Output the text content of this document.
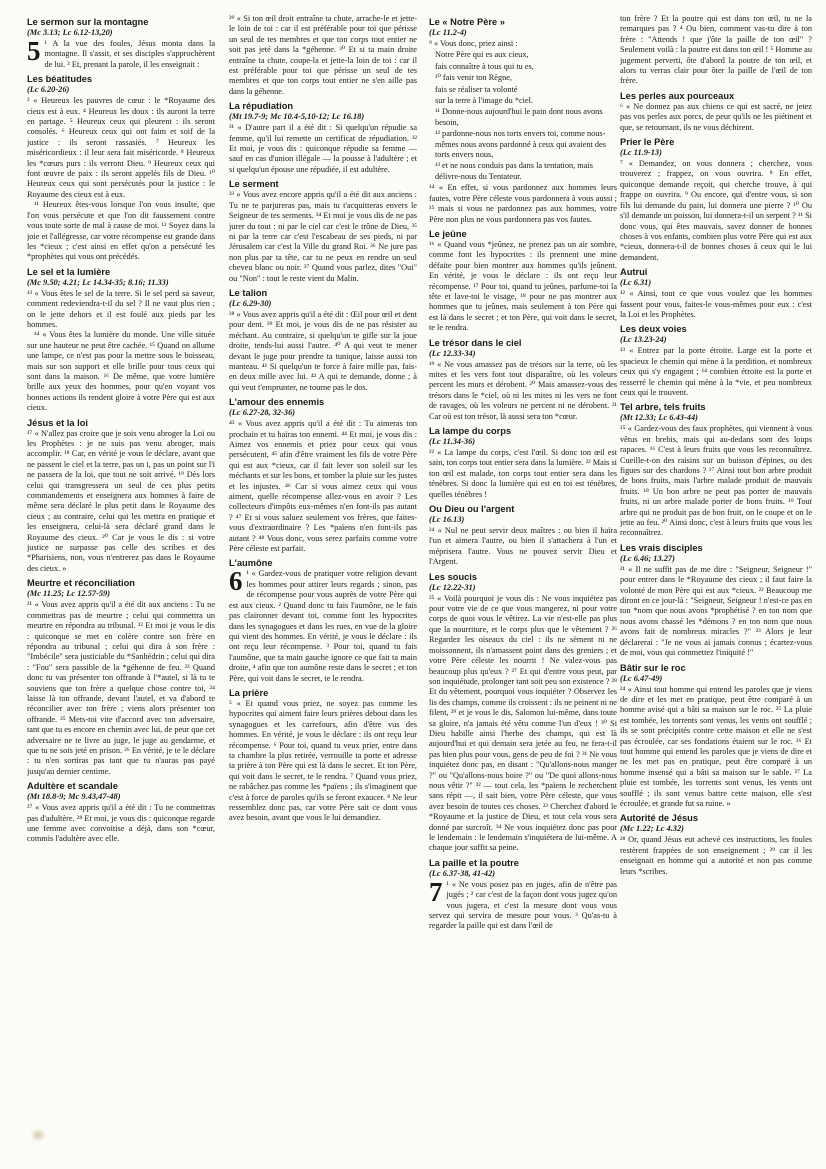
Le sermon sur la montagne
(Mc 3.13; Lc 6.12-13,20)

5 ¹ A la vue des foules, Jésus monta dans la montagne. Il s'assit, et ses disciples s'approchèrent de lui. ² Et, prenant la parole, il les enseignait :

Les béatitudes
(Lc 6.20-26)

³ « Heureux les pauvres de cœur : le *Royaume des cieux est à eux. ⁴ Heureux les doux : ils auront la terre en partage. ⁵ Heureux ceux qui pleurent : ils seront consolés. ⁶ Heureux ceux qui ont faim et soif de la justice : ils seront rassasiés. ⁷ Heureux les miséricordieux : il leur sera fait miséricorde. ⁸ Heureux les *cœurs purs : ils verront Dieu. ⁹ Heureux ceux qui font œuvre de paix : ils seront appelés fils de Dieu. ¹⁰ Heureux ceux qui sont persécutés pour la justice : le Royaume des cieux est à eux.

¹¹ Heureux êtes-vous lorsque l'on vous insulte, que l'on vous persécute et que l'on dit faussement contre vous toute sorte de mal à cause de moi. ¹² Soyez dans la joie et l'allégresse, car votre récompense est grande dans les *cieux ; c'est ainsi en effet qu'on a persécuté les *prophètes qui vous ont précédés.

Le sel et la lumière
(Mc 9.50; 4.21; Lc 14.34-35; 8.16; 11.33)

¹³ « Vous êtes le sel de la terre. Si le sel perd sa saveur, comment redeviendra-t-il du sel ? Il ne vaut plus rien ; on le jette dehors et il est foulé aux pieds par les hommes.

¹⁴ « Vous êtes la lumière du monde. Une ville située sur une hauteur ne peut être cachée. ¹⁵ Quand on allume une lampe, ce n'est pas pour la mettre sous le boisseau, mais sur son support et elle brille pour tous ceux qui sont dans la maison. ¹⁶ De même, que votre lumière brille aux yeux des hommes, pour qu'en voyant vos bonnes actions ils rendent gloire à votre Père qui est aux cieux.

Jésus et la loi

¹⁷ « N'allez pas croire que je sois venu abroger la Loi ou les Prophètes : je ne suis pas venu abroger, mais accomplir. ¹⁸ Car, en vérité je vous le déclare, avant que ne passent le ciel et la terre, pas un i, pas un point sur l'i ne passera de la loi, que tout ne soit arrivé. ¹⁹ Dès lors celui qui transgressera un seul de ces plus petits commandements et enseignera aux hommes à faire de même sera déclaré le plus petit dans le Royaume des cieux ; au contraire, celui qui les mettra en pratique et les enseignera, celui-là sera déclaré grand dans le Royaume des cieux. ²⁰ Car je vous le dis : si votre justice ne surpasse pas celle des scribes et des *Pharisiens, non, vous n'entrerez pas dans le Royaume des cieux. »

Meurtre et réconciliation
(Mc 11.25; Lc 12.57-59)

²¹ « Vous avez appris qu'il a été dit aux anciens : Tu ne commettras pas de meurtre ; celui qui commettra un meurtre en répondra au tribunal. ²² Et moi je vous le dis : quiconque se met en colère contre son frère en répondra au tribunal ; celui qui dira à son frère : "Imbécile" sera justiciable du *Sanhédrin ; celui qui dira : "Fou" sera passible de la *géhenne de feu. ²³ Quand donc tu vas présenter ton offrande à l'*autel, si là tu te souviens que ton frère a quelque chose contre toi, ²⁴ laisse là ton offrande, devant l'autel, et va d'abord te réconcilier avec ton frère ; viens alors présenter ton offrande. ²⁵ Mets-toi vite d'accord avec ton adversaire, tant que tu es encore en chemin avec lui, de peur que cet adversaire ne te livre au juge, le juge au gendarme, et que tu ne sois jeté en prison. ²⁶ En vérité, je te le déclare : tu n'en sortiras pas tant que tu n'auras pas payé jusqu'au dernier centime.

Adultère et scandale
(Mt 18.8-9; Mc 9.43,47-48)

²⁷ « Vous avez appris qu'il a été dit : Tu ne commettras pas d'adultère. ²⁸ Et moi, je vous dis : quiconque regarde une femme avec convoitise a déjà, dans son *cœur, commis l'adultère avec elle.

²⁹ « Si ton œil droit entraîne ta chute, arrache-le et jette-le loin de toi : car il est préférable pour toi que périsse un seul de tes membres et que ton corps tout entier ne soit pas jeté dans la *géhenne. ³⁰ Et si ta main droite entraîne ta chute, coupe-la et jette-la loin de toi : car il est préférable pour toi que périsse un seul de tes membres et que ton corps tout entier ne s'en aille pas dans la géhenne.

La répudiation
(Mt 19.7-9; Mc 10.4-5,10-12; Lc 16.18)

³¹ « D'autre part il a été dit : Si quelqu'un répudie sa femme, qu'il lui remette un certificat de répudiation. ³² Et moi, je vous dis : quiconque répudie sa femme — sauf en cas d'union illégale — la pousse à l'adultère ; et si quelqu'un épouse une répudiée, il est adultère.

Le serment

³³ « Vous avez encore appris qu'il a été dit aux anciens : Tu ne te parjureras pas, mais tu t'acquitteras envers le Seigneur de tes serments. ³⁴ Et moi je vous dis de ne pas jurer du tout : ni par le ciel car c'est le trône de Dieu, ³⁵ ni par la terre car c'est l'escabeau de ses pieds, ni par Jérusalem car c'est la Ville du grand Roi. ³⁶ Ne jure pas non plus par ta tête, car tu ne peux en rendre un seul cheveu blanc ou noir. ³⁷ Quand vous parlez, dites "Oui" ou "Non" : tout le reste vient du Malin.

Le talion
(Lc 6.29-30)

³⁸ « Vous avez appris qu'il a été dit : Œil pour œil et dent pour dent. ³⁹ Et moi, je vous dis de ne pas résister au méchant. Au contraire, si quelqu'un te gifle sur la joue droite, tends-lui aussi l'autre. ⁴⁰ A qui veut te mener devant le juge pour prendre ta tunique, laisse aussi ton manteau. ⁴¹ Si quelqu'un te force à faire mille pas, fais-en deux mille avec lui. ⁴² A qui te demande, donne ; à qui veut t'emprunter, ne tourne pas le dos.

L'amour des ennemis
(Lc 6.27-28, 32-36)

⁴³ « Vous avez appris qu'il a été dit : Tu aimeras ton prochain et tu haïras ton ennemi. ⁴⁴ Et moi, je vous dis : Aimez vos ennemis et priez pour ceux qui vous persécutent, ⁴⁵ afin d'être vraiment les fils de votre Père qui est aux *cieux, car il fait lever son soleil sur les méchants et sur les bons, et tomber la pluie sur les justes et les injustes. ⁴⁶ Car si vous aimez ceux qui vous aiment, quelle récompense allez-vous en avoir ? Les collecteurs d'impôts eux-mêmes n'en font-ils pas autant ? ⁴⁷ Et si vous saluez seulement vos frères, que faites-vous d'extraordinaire ? Les *païens n'en font-ils pas autant ? ⁴⁸ Vous donc, vous serez parfaits comme votre Père céleste est parfait.

L'aumône

6 ¹ « Gardez-vous de pratiquer votre religion devant les hommes pour attirer leurs regards ; sinon, pas de récompense pour vous auprès de votre Père qui est aux cieux. ² Quand donc tu fais l'aumône, ne le fais pas claironner devant toi, comme font les hypocrites dans les synagogues et dans les rues, en vue de la gloire qui vient des hommes. En vérité, je vous le déclare : ils ont reçu leur récompense. ³ Pour toi, quand tu fais l'aumône, que ta main gauche ignore ce que fait ta main droite, ⁴ afin que ton aumône reste dans le secret ; et ton Père, qui voit dans le secret, te le rendra.

La prière

⁵ « Et quand vous priez, ne soyez pas comme les hypocrites qui aiment faire leurs prières debout dans les synagogues et les carrefours, afin d'être vus des hommes. En vérité, je vous le déclare : ils ont reçu leur récompense. ⁶ Pour toi, quand tu veux prier, entre dans ta chambre la plus retirée, verrouille ta porte et adresse ta prière à ton Père qui est là dans le secret. Et ton Père, qui voit dans le secret, te le rendra. ⁷ Quand vous priez, ne rabâchez pas comme les *païens ; ils s'imaginent que c'est à force de paroles qu'ils se feront exaucer. ⁸ Ne leur ressemblez donc pas, car votre Père sait ce dont vous avez besoin, avant que vous le lui demandiez.

Le « Notre Père »
(Lc 11.2-4)

⁹ « Vous donc, priez ainsi :

Notre Père qui es aux cieux,
fais connaître à tous qui tu es,
¹⁰ fais venir ton Règne,
fais se réaliser ta volonté
sur la terre à l'image du *ciel.
¹¹ Donne-nous aujourd'hui le pain dont nous avons besoin,
¹² pardonne-nous nos torts envers toi, comme nous-mêmes nous avons pardonné à ceux qui avaient des torts envers nous,
¹³ et ne nous conduis pas dans la tentation, mais délivre-nous du Tentateur.

¹⁴ « En effet, si vous pardonnez aux hommes leurs fautes, votre Père céleste vous pardonnera à vous aussi ; ¹⁵ mais si vous ne pardonnez pas aux hommes, votre Père non plus ne vous pardonnera pas vos fautes.

Le jeûne

¹⁶ « Quand vous *jeûnez, ne prenez pas un air sombre, comme font les hypocrites : ils prennent une mine défaite pour bien montrer aux hommes qu'ils jeûnent. En vérité, je vous le déclare : ils ont reçu leur récompense. ¹⁷ Pour toi, quand tu jeûnes, parfume-toi la tête et lave-toi le visage, ¹⁸ pour ne pas montrer aux hommes que tu jeûnes, mais seulement à ton Père qui est là dans le secret ; et ton Père, qui voit dans le secret, te le rendra.

Le trésor dans le ciel
(Lc 12.33-34)

¹⁹ « Ne vous amassez pas de trésors sur la terre, où les mites et les vers font tout disparaître, où les voleurs percent les murs et dérobent. ²⁰ Mais amassez-vous des trésors dans le *ciel, où ni les mites ni les vers ne font de ravages, où les voleurs ne percent ni ne dérobent. ²¹ Car où est ton trésor, là aussi sera ton *cœur.

La lampe du corps
(Lc 11.34-36)

²² « La lampe du corps, c'est l'œil. Si donc ton œil est sain, ton corps tout entier sera dans la lumière. ²³ Mais si ton œil est malade, ton corps tout entier sera dans les ténèbres. Si donc la lumière qui est en toi est ténèbres, quelles ténèbres !

Ou Dieu ou l'argent
(Lc 16.13)

²⁴ « Nul ne peut servir deux maîtres : ou bien il haïra l'un et aimera l'autre, ou bien il s'attachera à l'un et méprisera l'autre. Vous ne pouvez servir Dieu et l'Argent.

Les soucis
(Lc 12.22-31)

²⁵ « Voilà pourquoi je vous dis : Ne vous inquiétez pas pour votre vie de ce que vous mangerez, ni pour votre corps de quoi vous le vêtirez. La vie n'est-elle pas plus que la nourriture, et le corps plus que le vêtement ? ²⁶ Regardez les oiseaux du ciel : ils ne sèment ni ne moissonnent, ils n'amassent point dans des greniers ; et votre Père céleste les nourrit ! Ne valez-vous pas beaucoup plus qu'eux ? ²⁷ Et qui d'entre vous peut, par son inquiétude, prolonger tant soit peu son existence ? ²⁸ Et du vêtement, pourquoi vous inquiéter ? Observez les lis des champs, comme ils croissent : ils ne peinent ni ne filent, ²⁹ et je vous le dis, Salomon lui-même, dans toute sa gloire, n'a jamais été vêtu comme l'un d'eux ! ³⁰ Si Dieu habille ainsi l'herbe des champs, qui est là aujourd'hui et qui demain sera jetée au feu, ne fera-t-il pas bien plus pour vous, gens de peu de foi ? ³¹ Ne vous inquiétez donc pas, en disant : "Qu'allons-nous manger ?" ou "Qu'allons-nous boire ?" ou "De quoi allons-nous nous vêtir ?" ³² — tout cela, les *païens le recherchent sans répit —, il sait bien, votre Père céleste, que vous avez besoin de toutes ces choses. ³³ Cherchez d'abord le *Royaume et la justice de Dieu, et tout cela vous sera donné par surcroît. ³⁴ Ne vous inquiétez donc pas pour le lendemain : le lendemain s'inquiétera de lui-même. A chaque jour suffit sa peine.

La paille et la poutre
(Lc 6.37-38, 41-42)

7 ¹ « Ne vous posez pas en juges, afin de n'être pas jugés ; ² car c'est de la façon dont vous jugez qu'on vous jugera, et c'est la mesure dont vous vous servez qui servira de mesure pour vous. ³ Qu'as-tu à regarder la paille qui est dans l'œil de

ton frère ? Et la poutre qui est dans ton œil, tu ne la remarques pas ? ⁴ Ou bien, comment vas-tu dire à ton frère : "Attends ! que j'ôte la paille de ton œil" ? Seulement voilà : la poutre est dans ton œil ! ⁵ Homme au jugement perverti, ôte d'abord la poutre de ton œil, et alors tu verras clair pour ôter la paille de l'œil de ton frère.

Les perles aux pourceaux

⁶ « Ne donnez pas aux chiens ce qui est sacré, ne jetez pas vos perles aux porcs, de peur qu'ils ne les piétinent et que, se retournant, ils ne vous déchirent.

Prier le Père
(Lc 11.9-13)

⁷ « Demandez, on vous donnera ; cherchez, vous trouverez ; frappez, on vous ouvrira. ⁸ En effet, quiconque demande reçoit, qui cherche trouve, à qui frappe on ouvrira. ⁹ Ou encore, qui d'entre vous, si son fils lui demande du pain, lui donnera une pierre ? ¹⁰ Ou s'il demande un poisson, lui donnera-t-il un serpent ? ¹¹ Si donc vous, qui êtes mauvais, savez donner de bonnes choses à vos enfants, combien plus votre Père qui est aux *cieux, donnera-t-il de bonnes choses à ceux qui le lui demandent.

Autrui
(Lc 6.31)

¹² « Ainsi, tout ce que vous voulez que les hommes fassent pour vous, faites-le vous-mêmes pour eux : c'est la Loi et les Prophètes.

Les deux voies
(Lc 13.23-24)

¹³ « Entrez par la porte étroite. Large est la porte et spacieux le chemin qui mène à la perdition, et nombreux ceux qui s'y engagent ; ¹⁴ combien étroite est la porte et resserré le chemin qui mène à la *vie, et peu nombreux ceux qui le trouvent.

Tel arbre, tels fruits
(Mt 12.33; Lc 6.43-44)

¹⁵ « Gardez-vous des faux prophètes, qui viennent à vous vêtus en brebis, mais qui au-dedans sont des loups rapaces. ¹⁶ C'est à leurs fruits que vous les reconnaîtrez. Cueille-t-on des raisins sur un buisson d'épines, ou des figues sur des chardons ? ¹⁷ Ainsi tout bon arbre produit de bons fruits, mais l'arbre malade produit de mauvais fruits. ¹⁸ Un bon arbre ne peut pas porter de mauvais fruits, ni un arbre malade porter de bons fruits. ¹⁹ Tout arbre qui ne produit pas de bon fruit, on le coupe et on le jette au feu. ²⁰ Ainsi donc, c'est à leurs fruits que vous les reconnaîtrez.

Les vrais disciples
(Lc 6.46; 13.27)

²¹ « Il ne suffit pas de me dire : "Seigneur, Seigneur !" pour entrer dans le *Royaume des cieux ; il faut faire la volonté de mon Père qui est aux *cieux. ²² Beaucoup me diront en ce jour-là : "Seigneur, Seigneur ! n'est-ce pas en ton *nom que nous avons *prophétisé ? en ton nom que nous avons chassé les *démons ? en ton nom que nous avons fait de nombreux miracles ?" ²³ Alors je leur déclarerai : "Je ne vous ai jamais connus ; écartez-vous de moi, vous qui commettez l'iniquité !"

Bâtir sur le roc
(Lc 6.47-49)

²⁴ « Ainsi tout homme qui entend les paroles que je viens de dire et les met en pratique, peut être comparé à un homme avisé qui a bâti sa maison sur le roc. ²⁵ La pluie est tombée, les torrents sont venus, les vents ont soufflé ; ils se sont précipités contre cette maison et elle ne s'est pas écroulée, car ses fondations étaient sur le roc. ²⁶ Et tout homme qui entend les paroles que je viens de dire et ne les met pas en pratique, peut être comparé à un homme insensé qui a bâti sa maison sur le sable. ²⁷ La pluie est tombée, les torrents sont venus, les vents ont soufflé ; ils sont venus battre cette maison, elle s'est écroulée, et grande fut sa ruine. »

Autorité de Jésus
(Mc 1.22; Lc 4.32)

²⁸ Or, quand Jésus eut achevé ces instructions, les foules restèrent frappées de son enseignement ; ²⁹ car il les enseignait en homme qui a autorité et non pas comme leurs *scribes.
